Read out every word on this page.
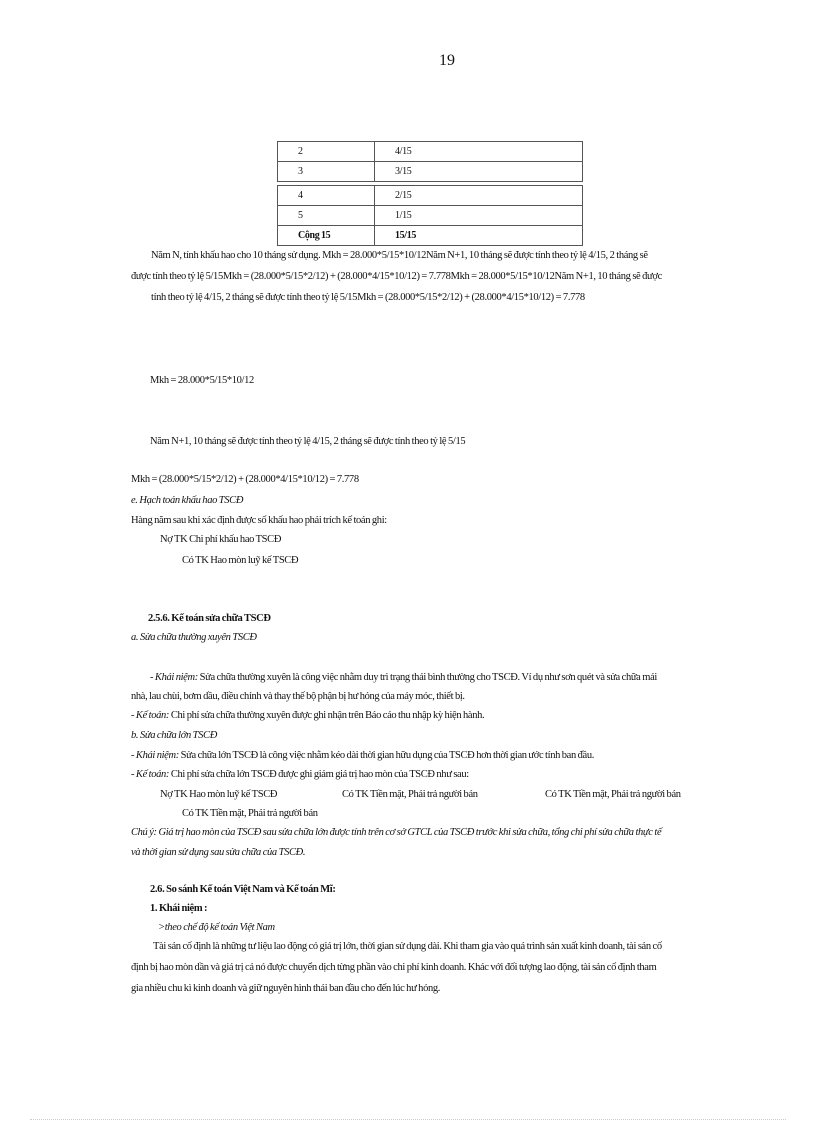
19
2	4/15
3	3/15
4	2/15
5	1/15
Cộng 15	15/15
Năm N, tính khấu hao cho 10 tháng sử dụng. Mkh = 28.000*5/15*10/12Năm N+1, 10 tháng sẽ được tính theo tỷ lệ 4/15, 2 tháng sẽ
được tính theo tỷ lệ 5/15Mkh = (28.000*5/15*2/12) + (28.000*4/15*10/12) = 7.778Mkh = 28.000*5/15*10/12Năm N+1, 10 tháng sẽ được
tính theo tỷ lệ 4/15, 2 tháng sẽ được tính theo tỷ lệ 5/15Mkh = (28.000*5/15*2/12) + (28.000*4/15*10/12) = 7.778
Mkh = 28.000*5/15*10/12
Năm N+1, 10 tháng sẽ được tính theo tỷ lệ 4/15, 2 tháng sẽ được tính theo tỷ lệ 5/15
Mkh = (28.000*5/15*2/12) + (28.000*4/15*10/12) = 7.778
e. Hạch toán khấu hao TSCĐ
Hàng năm sau khi xác định được số khấu hao phải trích kế toán ghi:
Nợ TK Chi phí khấu hao TSCĐ
Có TK Hao mòn luỹ kế TSCĐ
2.5.6. Kế toán sửa chữa TSCĐ
a. Sửa chữa thường xuyên TSCĐ
- Khái niệm: Sửa chữa thường xuyên là công việc nhằm duy trì trạng thái bình thường cho TSCĐ. Ví dụ như sơn quét và sửa chữa mái
nhà, lau chùi, bơm dầu, điều chỉnh và thay thế bộ phận bị hư hỏng của máy móc, thiết bị.
- Kế toán: Chi phí sửa chữa thường xuyên được ghi nhận trên Báo cáo thu nhập kỳ hiện hành.
b. Sửa chữa lớn TSCĐ
- Khái niệm: Sửa chữa lớn TSCĐ là công việc nhằm kéo dài thời gian hữu dụng của TSCĐ hơn thời gian ước tính ban đầu.
- Kế toán: Chi phí sửa chữa lớn TSCĐ được ghi giảm giá trị hao mòn của TSCĐ như sau:
Nợ TK Hao mòn luỹ kế TSCĐ	Có TK Tiền mặt, Phải trả người bán	Có TK Tiền mặt, Phải trả người bán
Có TK Tiền mặt, Phải trả người bán
Chú ý: Giá trị hao mòn của TSCĐ sau sửa chữa lớn được tính trên cơ sở GTCL của TSCĐ trước khi sửa chữa, tổng chi phí sửa chữa thực tế
và thời gian sử dụng sau sửa chữa của TSCĐ.
2.6. So sánh Kế toán Việt Nam và Kế toán Mĩ:
1. Khái niệm :
>theo chế độ kế toán Việt Nam
Tài sản cố định là những tư liệu lao động có giá trị lớn, thời gian sử dụng dài. Khi tham gia vào quá trình sản xuất kinh doanh, tài sản cố
định bị hao mòn dần và giá trị cả nó được chuyển dịch từng phần vào chi phí kinh doanh. Khác với đối tượng lao động, tài sản cố định tham
gia nhiều chu kì kinh doanh và giữ nguyên hình thái ban đầu cho đến lúc hư hỏng.
